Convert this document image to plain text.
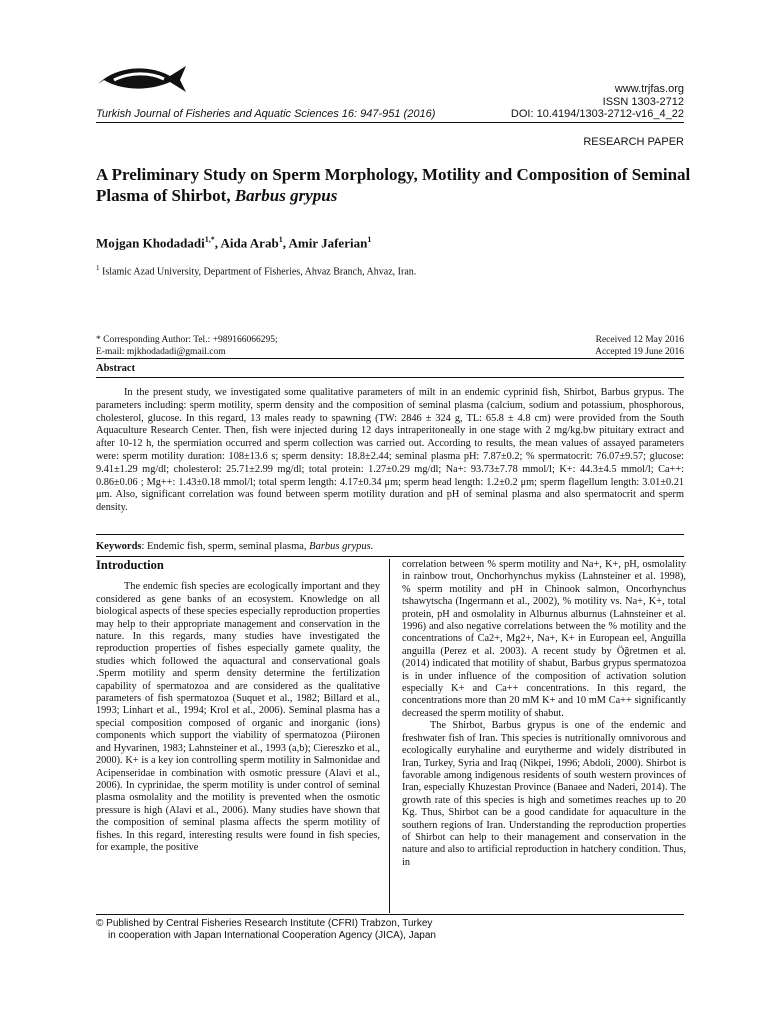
www.trjfas.org
ISSN 1303-2712
Turkish Journal of Fisheries and Aquatic Sciences 16: 947-951 (2016)	DOI: 10.4194/1303-2712-v16_4_22
RESEARCH PAPER
A Preliminary Study on Sperm Morphology, Motility and Composition of Seminal Plasma of Shirbot, Barbus grypus
Mojgan Khodadadi$^{1,*}$, Aida Arab$^1$, Amir Jaferian$^1$
$^1$ Islamic Azad University, Department of Fisheries, Ahvaz Branch, Ahvaz, Iran.
* Corresponding Author: Tel.: +989166066295;
E-mail: mjkhodadadi@gmail.com
Received 12 May 2016
Accepted 19 June 2016
Abstract
In the present study, we investigated some qualitative parameters of milt in an endemic cyprinid fish, Shirbot, Barbus grypus. The parameters including: sperm motility, sperm density and the composition of seminal plasma (calcium, sodium and potassium, phosphorous, cholesterol, glucose. In this regard, 13 males ready to spawning (TW: 2846 ± 324 g, TL: 65.8 ± 4.8 cm) were provided from the South Aquaculture Research Center. Then, fish were injected during 12 days intraperitoneally in one stage with 2 mg/kg.bw pituitary extract and after 10-12 h, the spermiation occurred and sperm collection was carried out. According to results, the mean values of assayed parameters were: sperm motility duration: 108±13.6 s; sperm density: 18.8±2.44; seminal plasma pH: 7.87±0.2; % spermatocrit: 76.07±9.57; glucose: 9.41±1.29 mg/dl; cholesterol: 25.71±2.99 mg/dl; total protein: 1.27±0.29 mg/dl; Na+: 93.73±7.78 mmol/l; K+: 44.3±4.5 mmol/l; Ca++: 0.86±0.06 ; Mg++: 1.43±0.18 mmol/l; total sperm length: 4.17±0.34 μm; sperm head length: 1.2±0.2 μm; sperm flagellum length: 3.01±0.21 μm. Also, significant correlation was found between sperm motility duration and pH of seminal plasma and also spermatocrit and sperm density.
Keywords: Endemic fish, sperm, seminal plasma, Barbus grypus.
Introduction

The endemic fish species are ecologically important and they considered as gene banks of an ecosystem. Knowledge on all biological aspects of these species especially reproduction properties may help to their appropriate management and conservation in the nature. In this regards, many studies have investigated the reproduction properties of fishes especially gamete quality, the studies which followed the aquactural and conservational goals .Sperm motility and sperm density determine the fertilization capability of spermatozoa and are considered as the qualitative parameters of fish spermatozoa (Suquet et al., 1982; Billard et al., 1993; Linhart et al., 1994; Krol et al., 2006). Seminal plasma has a special composition composed of organic and inorganic (ions) components which support the viability of spermatozoa (Piironen and Hyvarinen, 1983; Lahnsteiner et al., 1993 (a,b); Ciereszko et al., 2000). K+ is a key ion controlling sperm motility in Salmonidae and Acipenseridae in combination with osmotic pressure (Alavi et al., 2006). In cyprinidae, the sperm motility is under control of seminal plasma osmolality and the motility is prevented when the osmotic pressure is high (Alavi et al., 2006). Many studies have shown that the composition of seminal plasma affects the sperm motility of fishes. In this regard, interesting results were found in fish species, for example, the positive

correlation between % sperm motility and Na+, K+, pH, osmolality in rainbow trout, Onchorhynchus mykiss (Lahnsteiner et al. 1998), % sperm motility and pH in Chinook salmon, Oncorhynchus tshawytscha (Ingermann et al., 2002), % motility vs. Na+, K+, total protein, pH and osmolality in Alburnus alburnus (Lahnsteiner et al. 1996) and also negative correlations between the % motility and the concentrations of Ca2+, Mg2+, Na+, K+ in European eel, Anguilla anguilla (Perez et al. 2003). A recent study by Öğretmen et al. (2014) indicated that motility of shabut, Barbus grypus spermatozoa is in under influence of the composition of activation solution especially K+ and Ca++ concentrations. In this regard, the concentrations more than 20 mM K+ and 10 mM Ca++ significantly decreased the sperm motility of shabut.

The Shirbot, Barbus grypus is one of the endemic and freshwater fish of Iran. This species is nutritionally omnivorous and ecologically euryhaline and eurytherme and widely distributed in Iran, Turkey, Syria and Iraq (Nikpei, 1996; Abdoli, 2000). Shirbot is favorable among indigenous residents of south western provinces of Iran, especially Khuzestan Province (Banaee and Naderi, 2014). The growth rate of this species is high and sometimes reaches up to 20 Kg. Thus, Shirbot can be a good candidate for aquaculture in the southern regions of Iran. Understanding the reproduction properties of Shirbot can help to their management and conservation in the nature and also to artificial reproduction in hatchery condition. Thus, in

© Published by Central Fisheries Research Institute (CFRI) Trabzon, Turkey
in cooperation with Japan International Cooperation Agency (JICA), Japan
